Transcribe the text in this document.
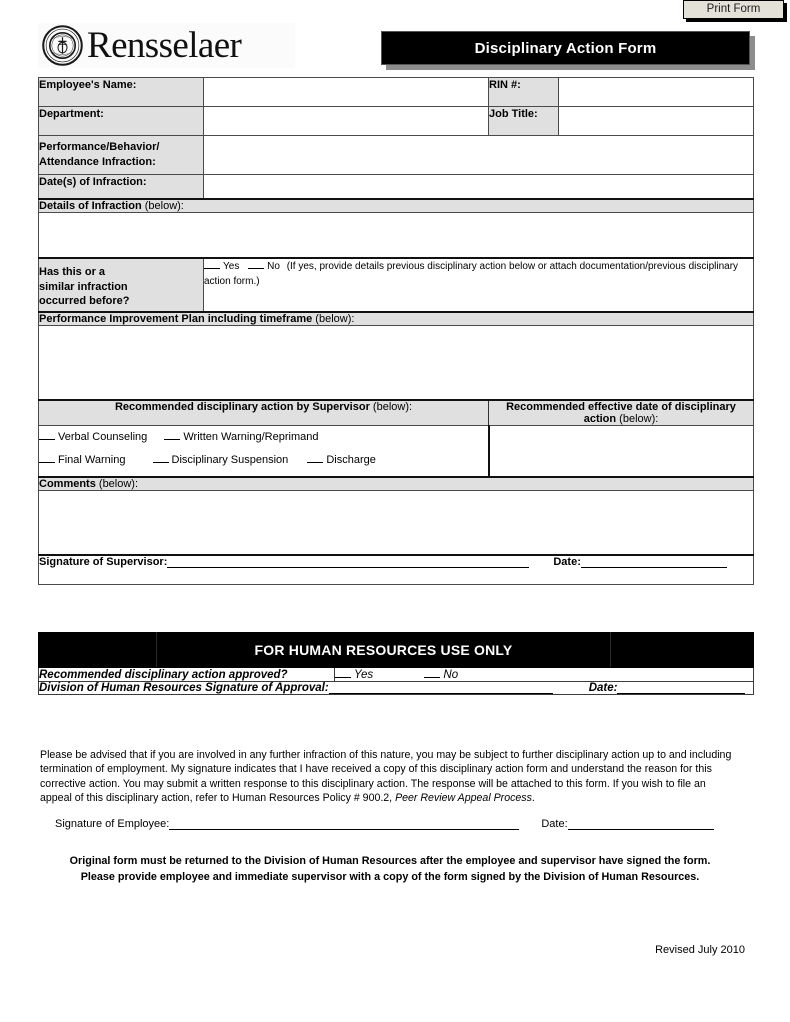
Print Form
Rensselaer	Disciplinary Action Form
Employee's Name:		RIN #:	
Department:		Job Title:	
Performance/Behavior/
Attendance Infraction:			
Date(s) of Infraction:			
Details of Infraction (below):			

Has this or a
similar infraction
occurred before?	Yes No (If yes, provide details previous disciplinary action below or attach documentation/previous disciplinary action form.)		
Performance Improvement Plan including timeframe (below):			

Recommended disciplinary action by Supervisor (below):		Recommended effective date of disciplinary action (below):	
Verbal Counseling Written Warning/Reprimand
Final Warning Disciplinary Suspension Discharge			
Comments (below):			

Signature of Supervisor: Date:			
	FOR HUMAN RESOURCES USE ONLY		
Recommended disciplinary action approved?		Yes No	
Division of Human Resources Signature of Approval: Date:			
Please be advised that if you are involved in any further infraction of this nature, you may be subject to further disciplinary action up to and including termination of employment. My signature indicates that I have received a copy of this disciplinary action form and understand the reason for this corrective action. You may submit a written response to this disciplinary action. The response will be attached to this form. If you wish to file an appeal of this disciplinary action, refer to Human Resources Policy # 900.2, Peer Review Appeal Process.
Signature of Employee:	Date:
Original form must be returned to the Division of Human Resources after the employee and supervisor have signed the form.
Please provide employee and immediate supervisor with a copy of the form signed by the Division of Human Resources.
Revised July 2010
